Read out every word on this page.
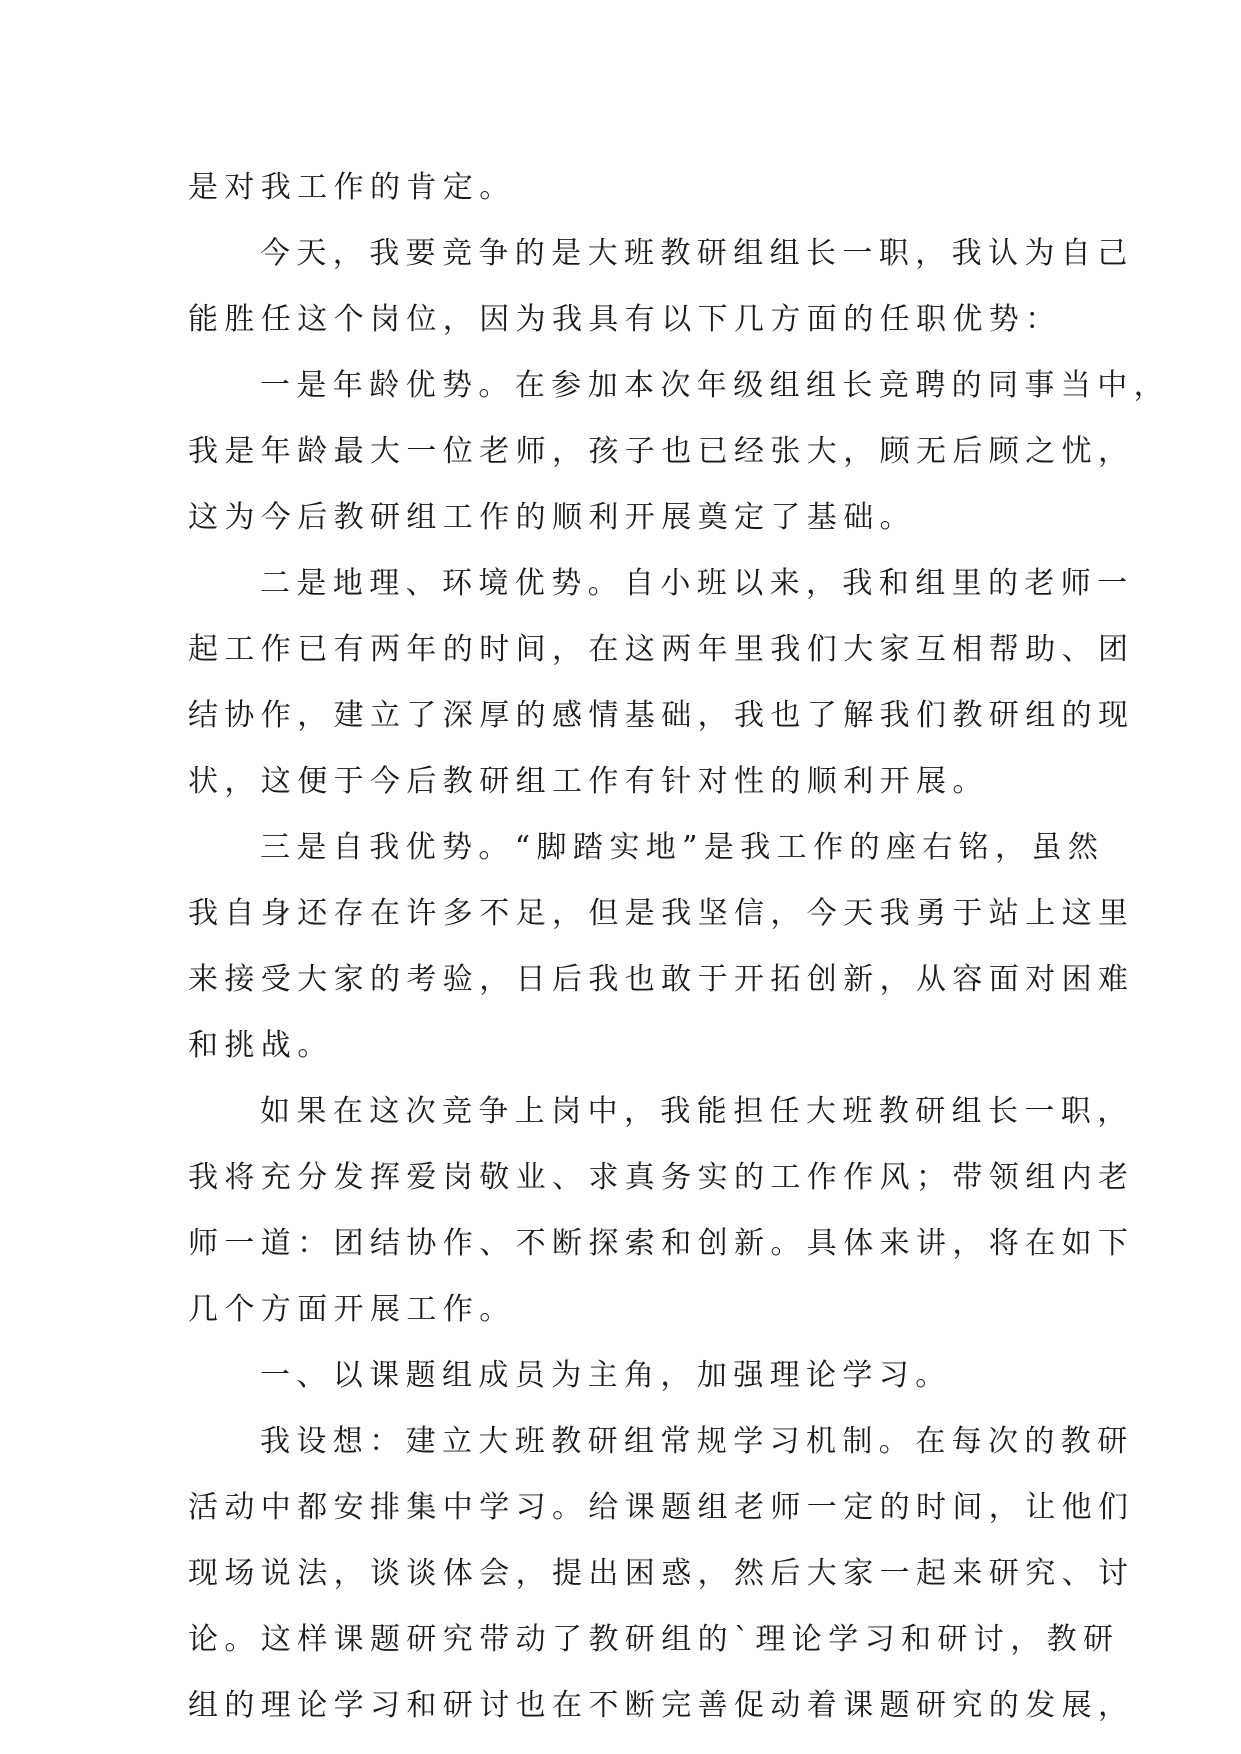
是对我工作的肯定。
今天，我要竞争的是大班教研组组长一职，我认为自己
能胜任这个岗位，因为我具有以下几方面的任职优势：
一是年龄优势。在参加本次年级组组长竞聘的同事当中，
我是年龄最大一位老师，孩子也已经张大，顾无后顾之忧，
这为今后教研组工作的顺利开展奠定了基础。
二是地理、环境优势。自小班以来，我和组里的老师一
起工作已有两年的时间，在这两年里我们大家互相帮助、团
结协作，建立了深厚的感情基础，我也了解我们教研组的现
状，这便于今后教研组工作有针对性的顺利开展。
三是自我优势。“脚踏实地”是我工作的座右铭，虽然
我自身还存在许多不足，但是我坚信，今天我勇于站上这里
来接受大家的考验，日后我也敢于开拓创新，从容面对困难
和挑战。
如果在这次竞争上岗中，我能担任大班教研组长一职，
我将充分发挥爱岗敬业、求真务实的工作作风；带领组内老
师一道：团结协作、不断探索和创新。具体来讲，将在如下
几个方面开展工作。
一、以课题组成员为主角，加强理论学习。
我设想：建立大班教研组常规学习机制。在每次的教研
活动中都安排集中学习。给课题组老师一定的时间，让他们
现场说法，谈谈体会，提出困惑，然后大家一起来研究、讨
论。这样课题研究带动了教研组的`理论学习和研讨，教研
组的理论学习和研讨也在不断完善促动着课题研究的发展，
